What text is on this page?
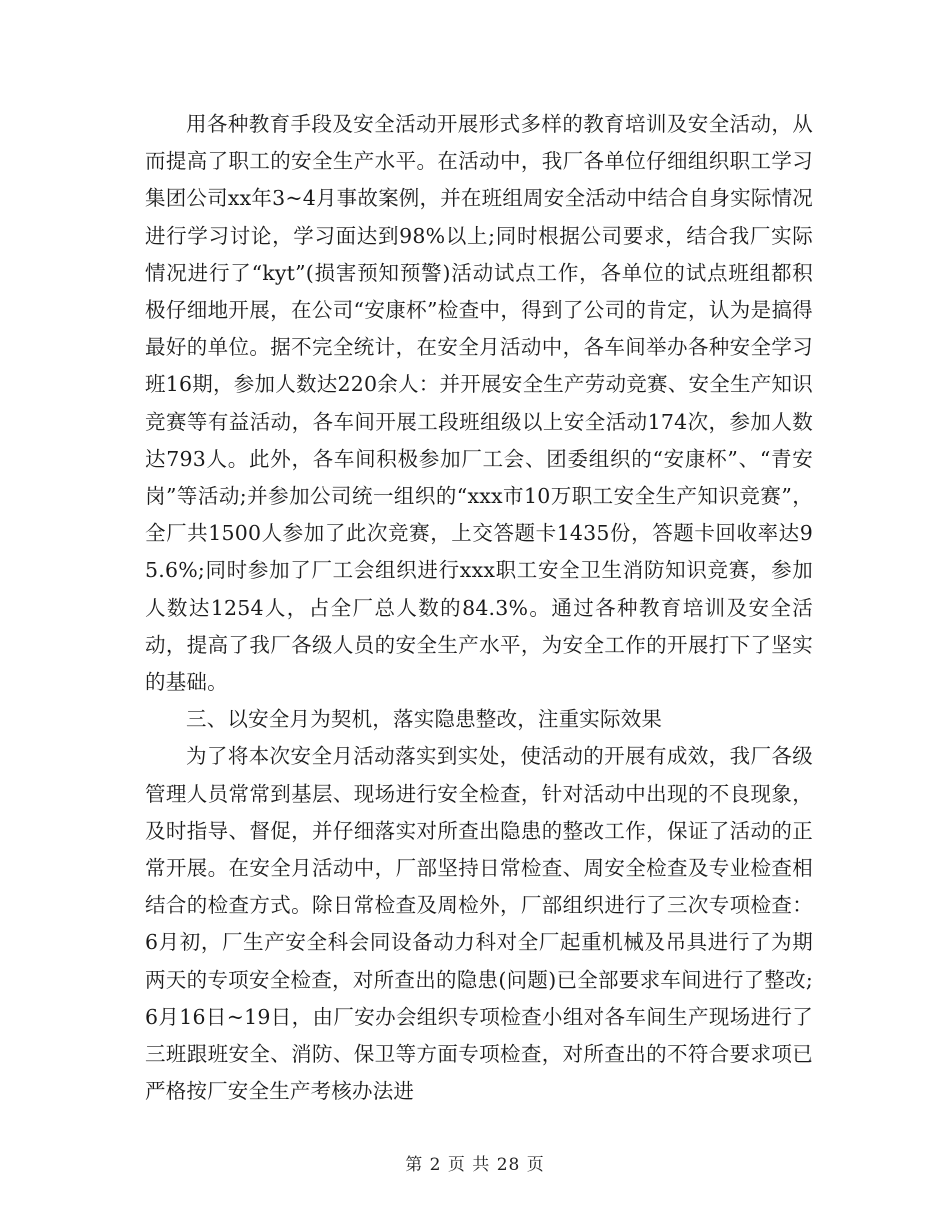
用各种教育手段及安全活动开展形式多样的教育培训及安全活动，从而提高了职工的安全生产水平。在活动中，我厂各单位仔细组织职工学习集团公司xx年3~4月事故案例，并在班组周安全活动中结合自身实际情况进行学习讨论，学习面达到98%以上;同时根据公司要求，结合我厂实际情况进行了“kyt”(损害预知预警)活动试点工作，各单位的试点班组都积极仔细地开展，在公司“安康杯”检查中，得到了公司的肯定，认为是搞得最好的单位。据不完全统计，在安全月活动中，各车间举办各种安全学习班16期，参加人数达220余人：并开展安全生产劳动竞赛、安全生产知识竞赛等有益活动，各车间开展工段班组级以上安全活动174次，参加人数达793人。此外，各车间积极参加厂工会、团委组织的“安康杯”、“青安岗”等活动;并参加公司统一组织的“xxx市10万职工安全生产知识竞赛”，全厂共1500人参加了此次竞赛，上交答题卡1435份，答题卡回收率达95.6%;同时参加了厂工会组织进行xxx职工安全卫生消防知识竞赛，参加人数达1254人，占全厂总人数的84.3%。通过各种教育培训及安全活动，提高了我厂各级人员的安全生产水平，为安全工作的开展打下了坚实的基础。

三、以安全月为契机，落实隐患整改，注重实际效果

为了将本次安全月活动落实到实处，使活动的开展有成效，我厂各级管理人员常常到基层、现场进行安全检查，针对活动中出现的不良现象，及时指导、督促，并仔细落实对所查出隐患的整改工作，保证了活动的正常开展。在安全月活动中，厂部坚持日常检查、周安全检查及专业检查相结合的检查方式。除日常检查及周检外，厂部组织进行了三次专项检查：6月初，厂生产安全科会同设备动力科对全厂起重机械及吊具进行了为期两天的专项安全检查，对所查出的隐患(问题)已全部要求车间进行了整改;6月16日~19日，由厂安办会组织专项检查小组对各车间生产现场进行了三班跟班安全、消防、保卫等方面专项检查，对所查出的不符合要求项已严格按厂安全生产考核办法进

第 2 页 共 28 页
